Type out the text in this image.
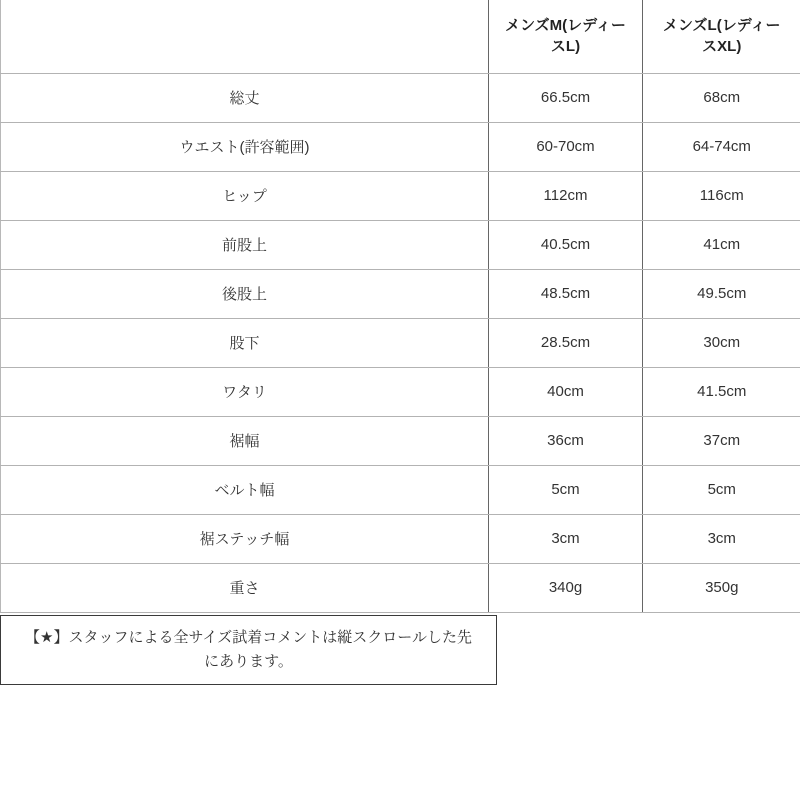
	メンズM(レディースL)	メンズL(レディースXL)
総丈	66.5cm	68cm
ウエスト(許容範囲)	60-70cm	64-74cm
ヒップ	112cm	116cm
前股上	40.5cm	41cm
後股上	48.5cm	49.5cm
股下	28.5cm	30cm
ワタリ	40cm	41.5cm
裾幅	36cm	37cm
ベルト幅	5cm	5cm
裾ステッチ幅	3cm	3cm
重さ	340g	350g
【★】スタッフによる全サイズ試着コメントは縦スクロールした先にあります。
